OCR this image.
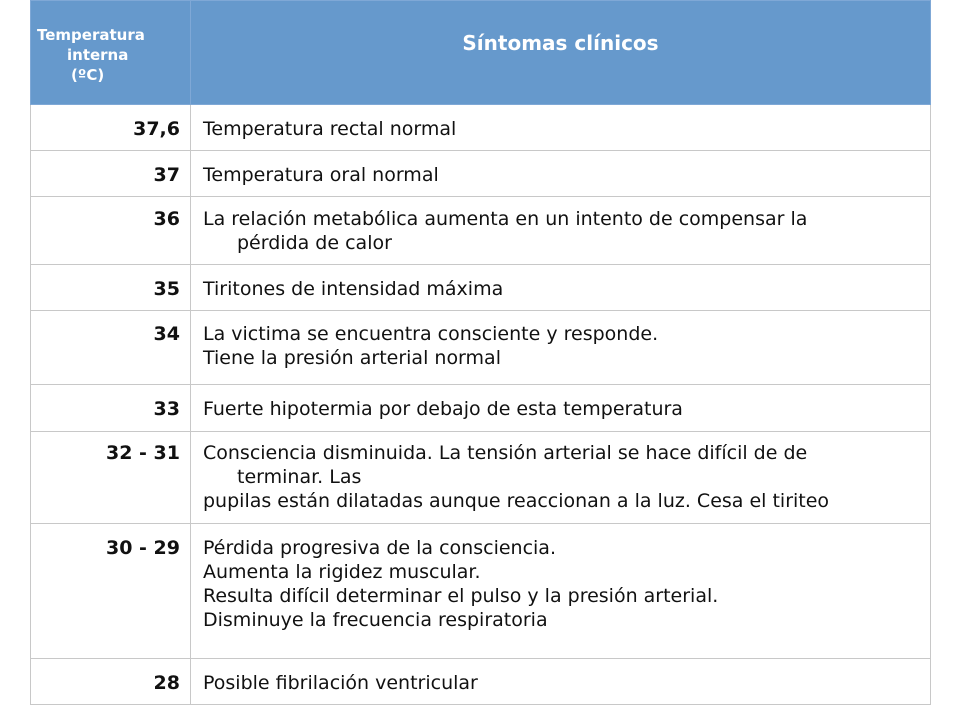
Temperatura
interna
(ºC)	Síntomas clínicos
37,6	Temperatura rectal normal

37	Temperatura oral normal

36	La relación metabólica aumenta en un intento de compensar la
pérdida de calor

35	Tiritones de intensidad máxima

34	La victima se encuentra consciente y responde.
Tiene la presión arterial normal

33	Fuerte hipotermia por debajo de esta temperatura

32 - 31	Consciencia disminuida. La tensión arterial se hace difícil de de
terminar. Las
pupilas están dilatadas aunque reaccionan a la luz. Cesa el tiriteo

30 - 29	Pérdida progresiva de la consciencia.
Aumenta la rigidez muscular.
Resulta difícil determinar el pulso y la presión arterial.
Disminuye la frecuencia respiratoria

28	Posible fibrilación ventricular
